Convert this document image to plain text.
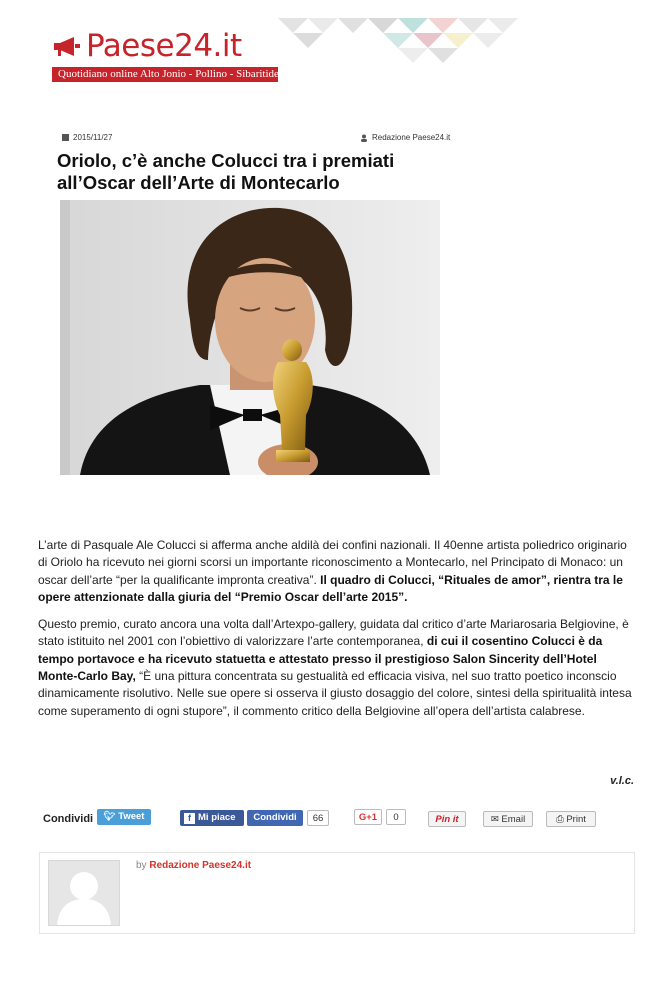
Paese24.it
Quotidiano online Alto Jonio - Pollino - Sibaritide
2015/11/27	Redazione Paese24.it
Oriolo, c’è anche Colucci tra i premiati all’Oscar dell’Arte di Montecarlo

L’arte di Pasquale Ale Colucci si afferma anche aldilà dei confini nazionali. Il 40enne artista poliedrico originario di Oriolo ha ricevuto nei giorni scorsi un importante riconoscimento a Montecarlo, nel Principato di Monaco: un oscar dell’arte “per la qualificante impronta creativa”. Il quadro di Colucci, “Rituales de amor”, rientra tra le opere attenzionate dalla giuria del “Premio Oscar dell’arte 2015”.

Questo premio, curato ancora una volta dall’Artexpo-gallery, guidata dal critico d’arte Mariarosaria Belgiovine, è stato istituito nel 2001 con l’obiettivo di valorizzare l’arte contemporanea, di cui il cosentino Colucci è da tempo portavoce e ha ricevuto statuetta e attestato presso il prestigioso Salon Sincerity dell’Hotel Monte-Carlo Bay, “È una pittura concentrata su gestualità ed efficacia visiva, nel suo tratto poetico inconscio dinamicamente risolutivo. Nelle sue opere si osserva il giusto dosaggio del colore, sintesi della spiritualità intesa come superamento di ogni stupore”, il commento critico della Belgiovine all’opera dell’artista calabrese.

v.l.c.
Condividi	🐦︎ Tweet	f Mi piace	Condividi	66	G+1	0	Pin it	✉ Email	⎙ Print
by Redazione Paese24.it
